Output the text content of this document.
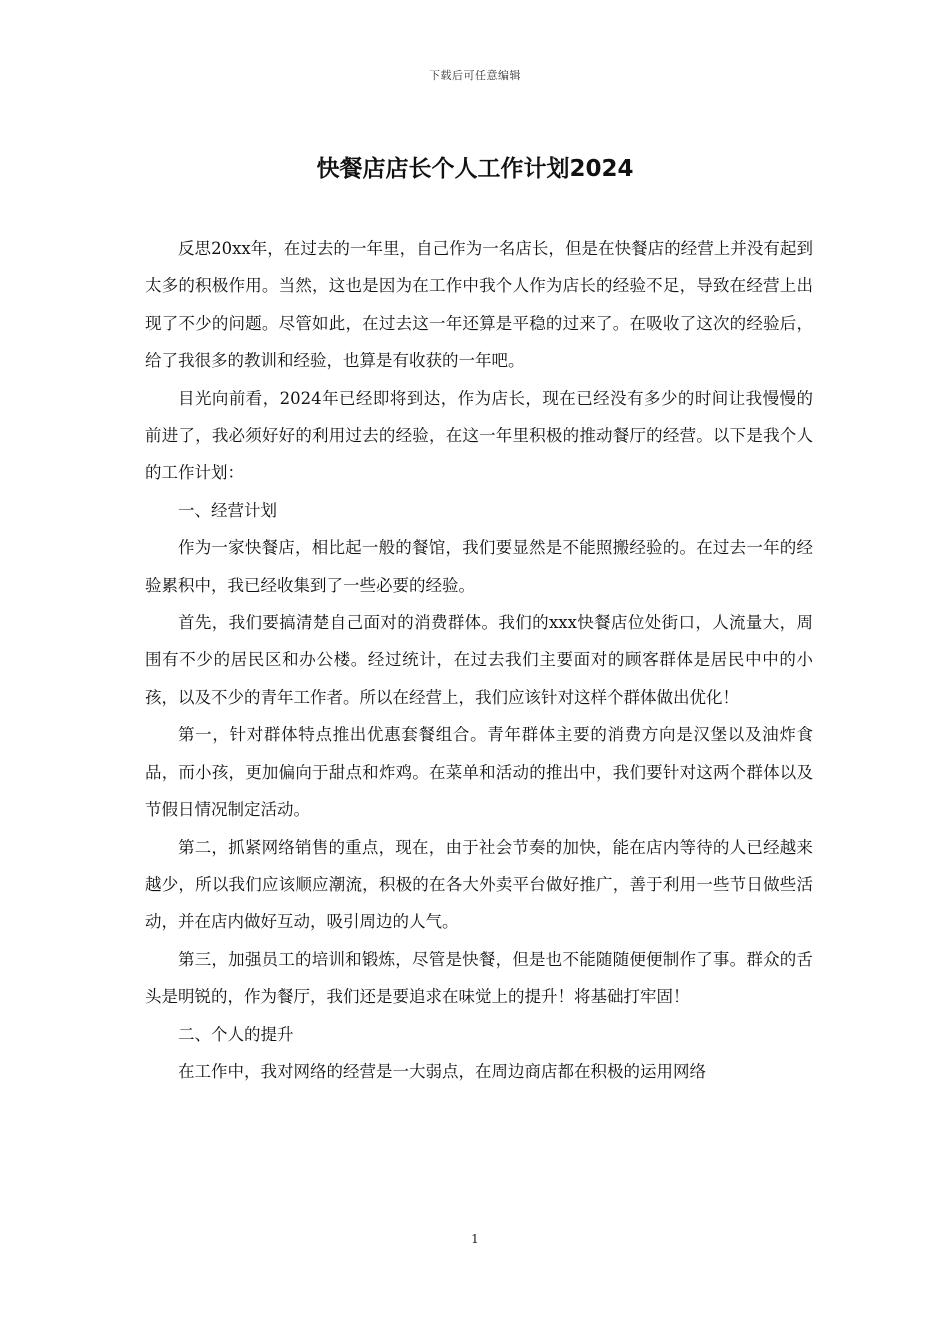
下载后可任意编辑
快餐店店长个人工作计划2024

反思20xx年，在过去的一年里，自己作为一名店长，但是在快餐店的经营上并没有起到太多的积极作用。当然，这也是因为在工作中我个人作为店长的经验不足，导致在经营上出现了不少的问题。尽管如此，在过去这一年还算是平稳的过来了。在吸收了这次的经验后，给了我很多的教训和经验，也算是有收获的一年吧。

目光向前看，2024年已经即将到达，作为店长，现在已经没有多少的时间让我慢慢的前进了，我必须好好的利用过去的经验，在这一年里积极的推动餐厅的经营。以下是我个人的工作计划：

一、经营计划

作为一家快餐店，相比起一般的餐馆，我们要显然是不能照搬经验的。在过去一年的经验累积中，我已经收集到了一些必要的经验。

首先，我们要搞清楚自己面对的消费群体。我们的xxx快餐店位处街口，人流量大，周围有不少的居民区和办公楼。经过统计，在过去我们主要面对的顾客群体是居民中中的小孩，以及不少的青年工作者。所以在经营上，我们应该针对这样个群体做出优化！

第一，针对群体特点推出优惠套餐组合。青年群体主要的消费方向是汉堡以及油炸食品，而小孩，更加偏向于甜点和炸鸡。在菜单和活动的推出中，我们要针对这两个群体以及节假日情况制定活动。

第二，抓紧网络销售的重点，现在，由于社会节奏的加快，能在店内等待的人已经越来越少，所以我们应该顺应潮流，积极的在各大外卖平台做好推广，善于利用一些节日做些活动，并在店内做好互动，吸引周边的人气。

第三，加强员工的培训和锻炼，尽管是快餐，但是也不能随随便便制作了事。群众的舌头是明锐的，作为餐厅，我们还是要追求在味觉上的提升！将基础打牢固！

二、个人的提升

在工作中，我对网络的经营是一大弱点，在周边商店都在积极的运用网络

1
